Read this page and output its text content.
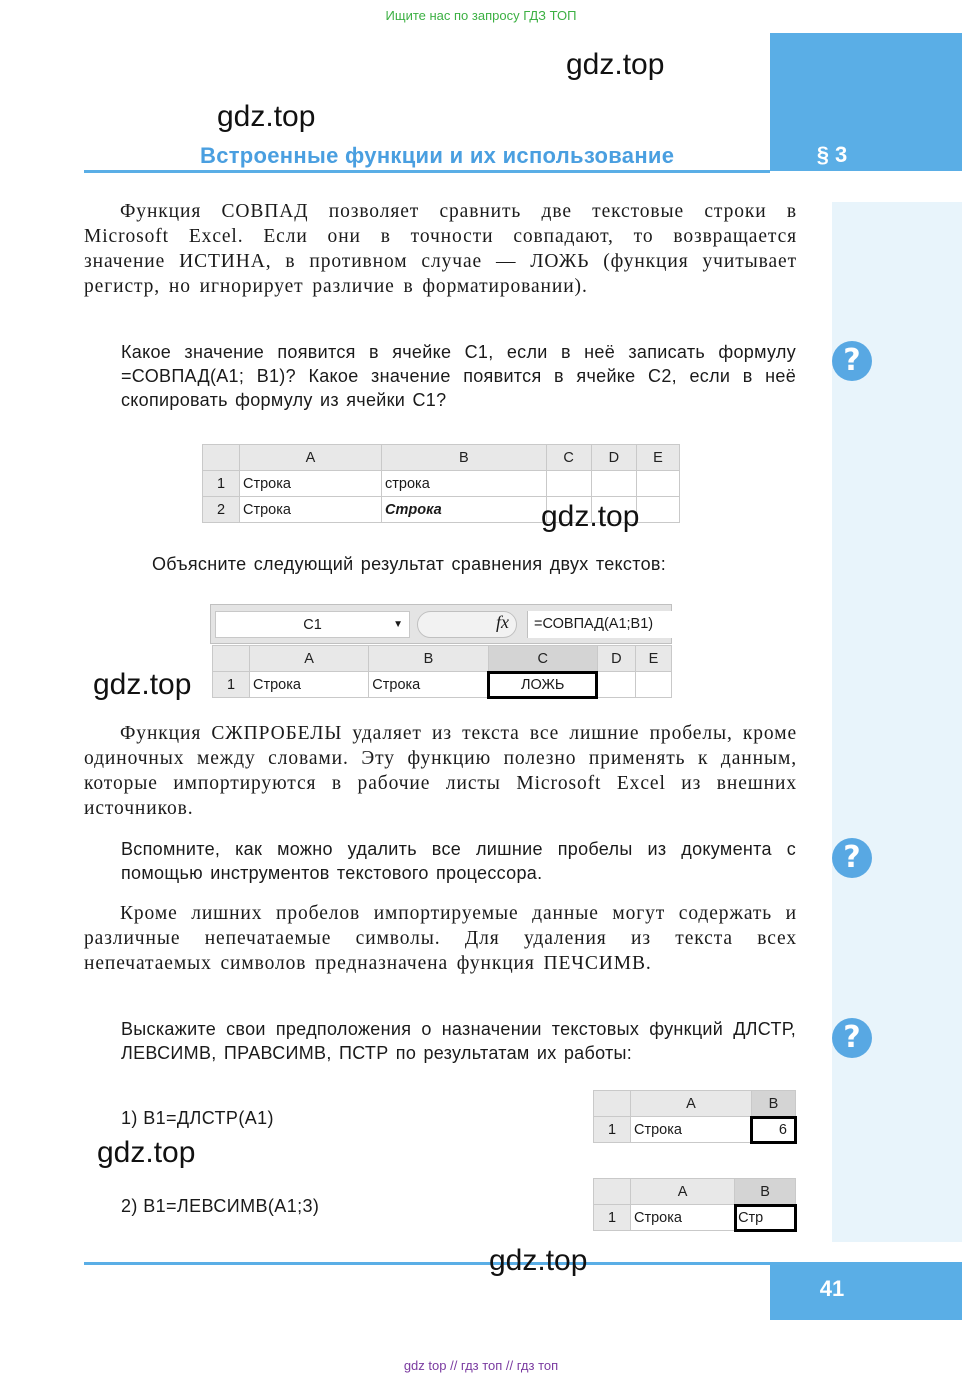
Ищите нас по запросу ГДЗ ТОП
§ 3
Встроенные функции и их использование
gdz.top
gdz.top
Функция СОВПАД позволяет сравнить две текстовые строки в Microsoft Excel. Если они в точности совпадают, то возвращается значение ИСТИНА, в противном случае — ЛОЖЬ (функция учитывает регистр, но игнорирует различие в форматировании).
Какое значение появится в ячейке С1, если в неё записать формулу =СОВПАД(А1; В1)? Какое значение появится в ячейке С2, если в неё скопировать формулу из ячейки С1?
?
	A	B	C	D	E
1	Строка	строка			
2	Строка	Строка				gdz.top
Объясните следующий результат сравнения двух текстов:
C1	▼	fx	=СОВПАД(A1;B1)
	A	B	C	D	E
1	Строка	Строка	ЛОЖЬ		
gdz.top
Функция СЖПРОБЕЛЫ удаляет из текста все лишние пробелы, кроме одиночных между словами. Эту функцию полезно применять к данным, которые импортируются в рабочие листы Microsoft Excel из внешних источников.
Вспомните, как можно удалить все лишние пробелы из документа с помощью инструментов текстового процессора.	?
Кроме лишних пробелов импортируемые данные могут содержать и различные непечатаемые символы. Для удаления из текста всех непечатаемых символов предназначена функция ПЕЧСИМВ.
Выскажите свои предположения о назначении текстовых функций ДЛСТР, ЛЕВСИМВ, ПРАВСИМВ, ПСТР по результатам их работы:	?
1) B1=ДЛСТР(A1)
	A	B
1	Строка	6
gdz.top
2) B1=ЛЕВСИМВ(A1;3)
	A	B
1	Строка	Стр
41
gdz.top
gdz top // гдз топ // гдз топ
